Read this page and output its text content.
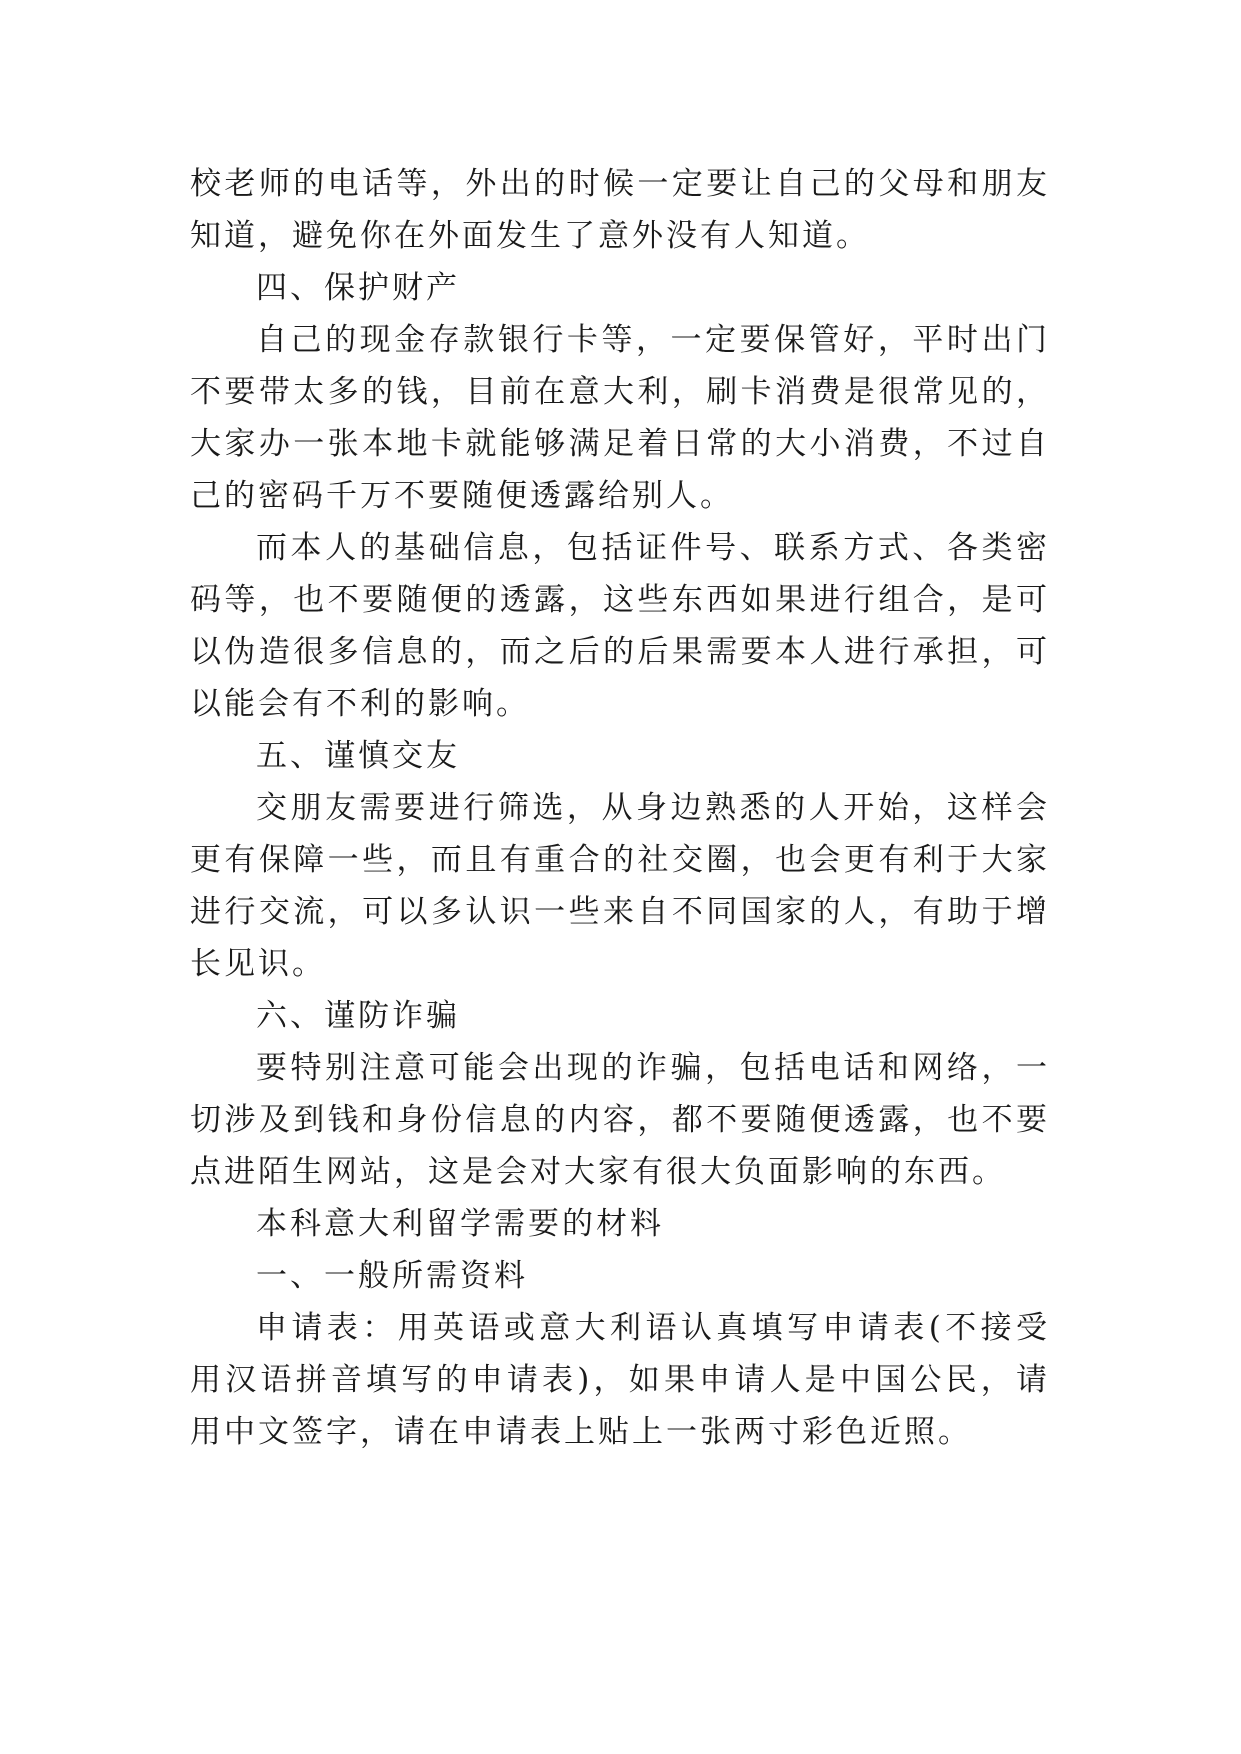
校老师的电话等，外出的时候一定要让自己的父母和朋友知道，避免你在外面发生了意外没有人知道。

四、保护财产

自己的现金存款银行卡等，一定要保管好，平时出门不要带太多的钱，目前在意大利，刷卡消费是很常见的，大家办一张本地卡就能够满足着日常的大小消费，不过自己的密码千万不要随便透露给别人。

而本人的基础信息，包括证件号、联系方式、各类密码等，也不要随便的透露，这些东西如果进行组合，是可以伪造很多信息的，而之后的后果需要本人进行承担，可以能会有不利的影响。

五、谨慎交友

交朋友需要进行筛选，从身边熟悉的人开始，这样会更有保障一些，而且有重合的社交圈，也会更有利于大家进行交流，可以多认识一些来自不同国家的人，有助于增长见识。

六、谨防诈骗

要特别注意可能会出现的诈骗，包括电话和网络，一切涉及到钱和身份信息的内容，都不要随便透露，也不要点进陌生网站，这是会对大家有很大负面影响的东西。

本科意大利留学需要的材料

一、一般所需资料

申请表：用英语或意大利语认真填写申请表(不接受用汉语拼音填写的申请表)，如果申请人是中国公民，请用中文签字，请在申请表上贴上一张两寸彩色近照。
